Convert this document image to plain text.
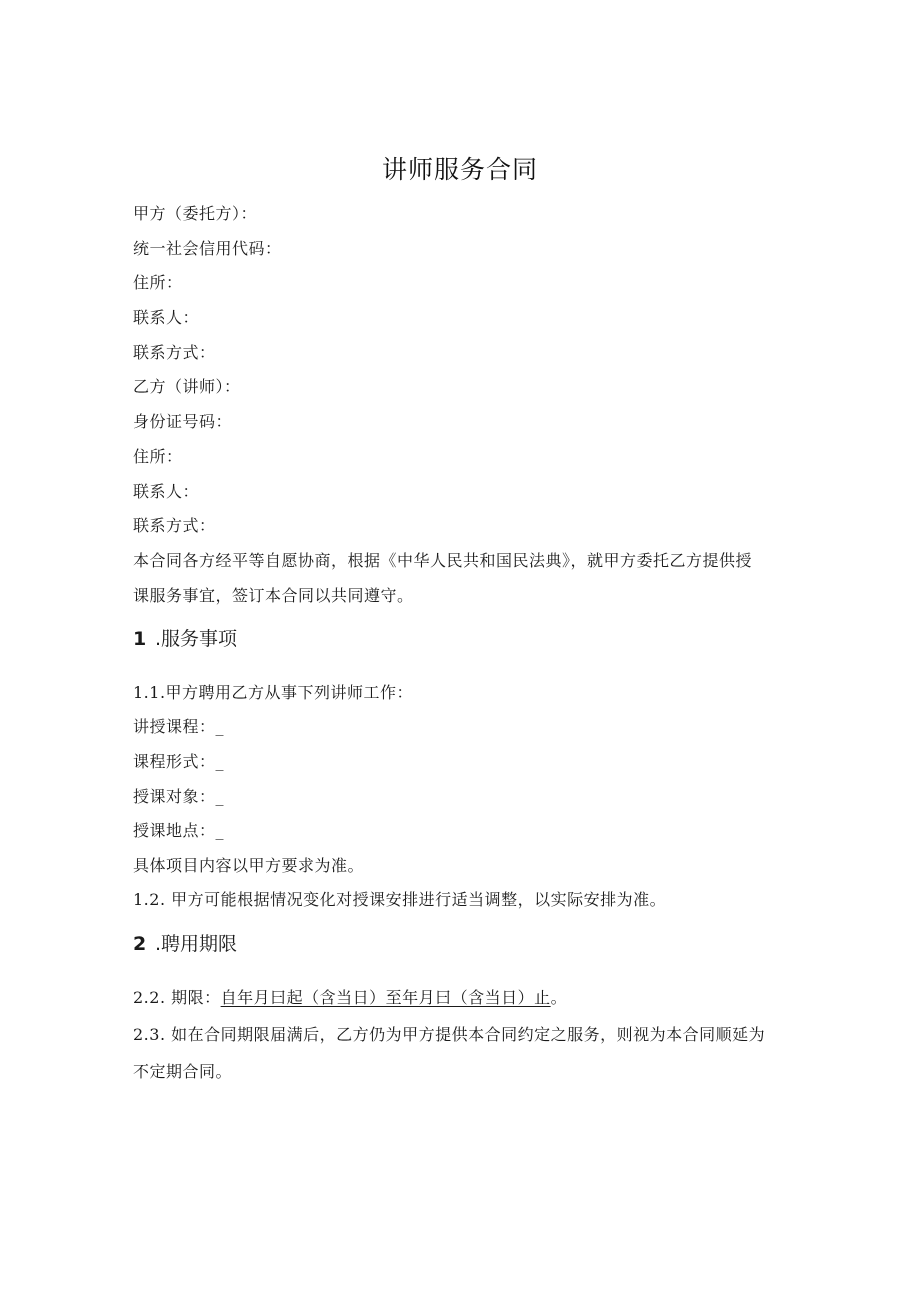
讲师服务合同
甲方（委托方）：
统一社会信用代码：
住所：
联系人：
联系方式：
乙方（讲师）：
身份证号码：
住所：
联系人：
联系方式：
本合同各方经平等自愿协商，根据《中华人民共和国民法典》，就甲方委托乙方提供授
课服务事宜，签订本合同以共同遵守。
1 .服务事项
1.1.甲方聘用乙方从事下列讲师工作：
讲授课程：_
课程形式：_
授课对象：_
授课地点：_
具体项目内容以甲方要求为准。
1.2. 甲方可能根据情况变化对授课安排进行适当调整，以实际安排为准。
2 .聘用期限
2.2. 期限：自年月曰起（含当日）至年月曰（含当日）止。
2.3. 如在合同期限届满后，乙方仍为甲方提供本合同约定之服务，则视为本合同顺延为
不定期合同。
